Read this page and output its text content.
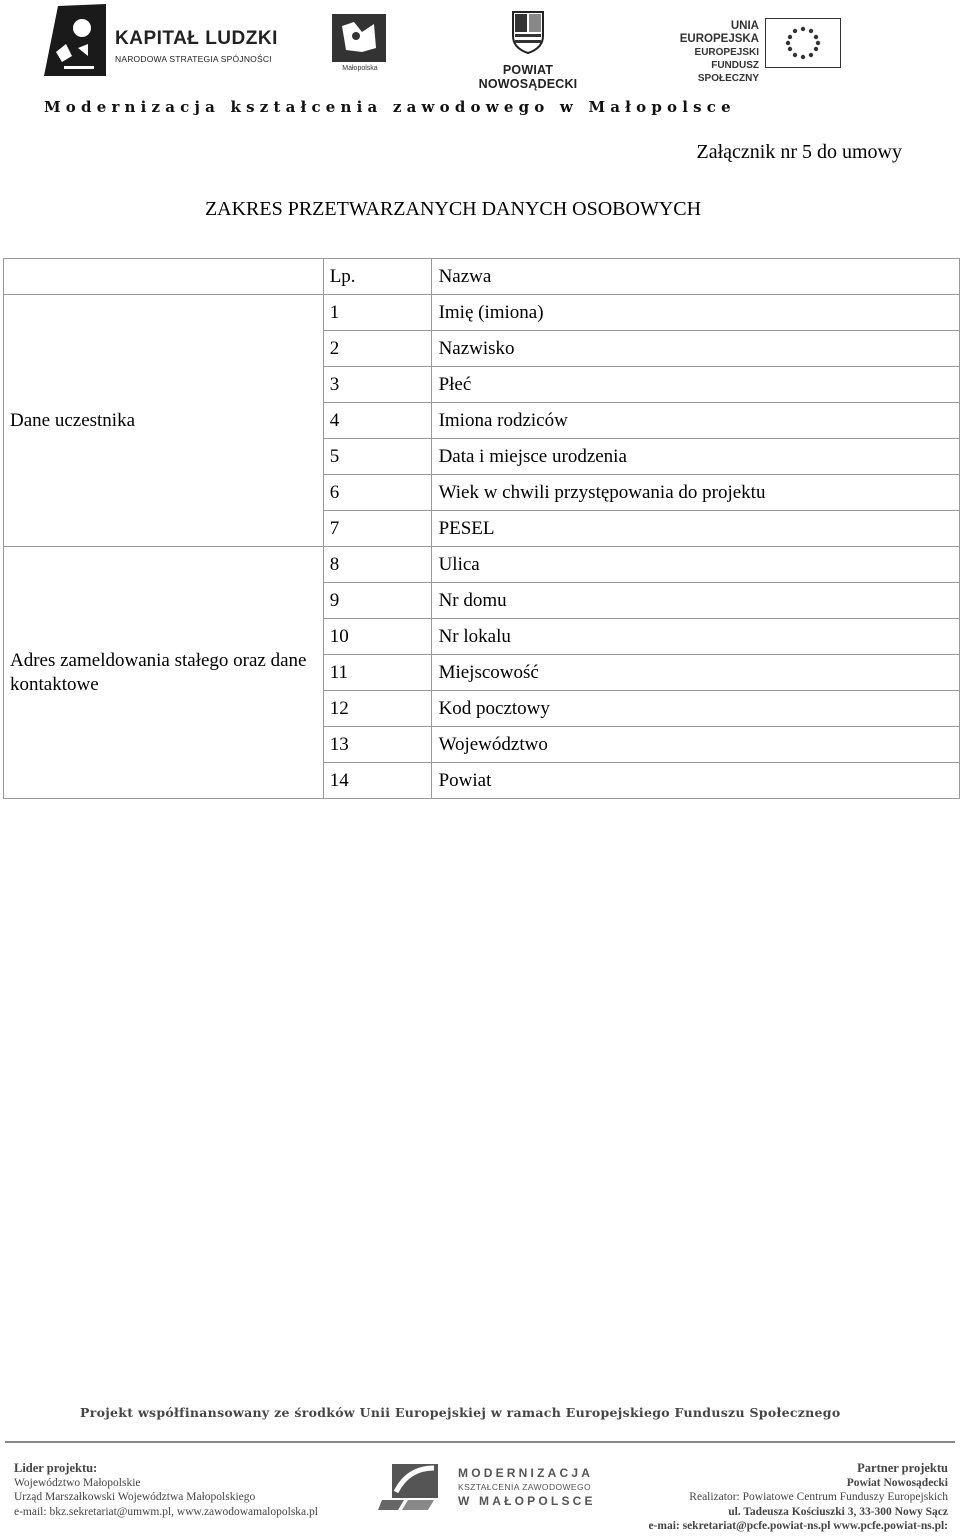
KAPITAŁ LUDZKI
NARODOWA STRATEGIA SPÓJNOŚCI
Małopolska	POWIAT NOWOSĄDECKI
UNIA EUROPEJSKA
EUROPEJSKI
FUNDUSZ SPOŁECZNY
Modernizacja kształcenia zawodowego w Małopolsce
Załącznik nr 5 do umowy
ZAKRES PRZETWARZANYCH DANYCH OSOBOWYCH
	Lp.	Nazwa
Dane uczestnika	1	Imię (imiona)
	2	Nazwisko
	3	Płeć
	4	Imiona rodziców
	5	Data i miejsce urodzenia
	6	Wiek w chwili przystępowania do projektu
	7	PESEL
Adres zameldowania stałego oraz dane kontaktowe	8	Ulica
	9	Nr domu
	10	Nr lokalu
	11	Miejscowość
	12	Kod pocztowy
	13	Województwo
	14	Powiat
Projekt współfinansowany ze środków Unii Europejskiej w ramach Europejskiego Funduszu Społecznego
Lider projektu:
Województwo Małopolskie
Urząd Marszałkowski Województwa Małopolskiego
e-mail: bkz.sekretariat@umwm.pl, www.zawodowamalopolska.pl
MODERNIZACJA
KSZTAŁCENIA ZAWODOWEGO
W MAŁOPOLSCE
Partner projektu
Powiat Nowosądecki
Realizator: Powiatowe Centrum Funduszy Europejskich
ul. Tadeusza Kościuszki 3, 33-300 Nowy Sącz
e-mai: sekretariat@pcfe.powiat-ns.pl www.pcfe.powiat-ns.pl:
